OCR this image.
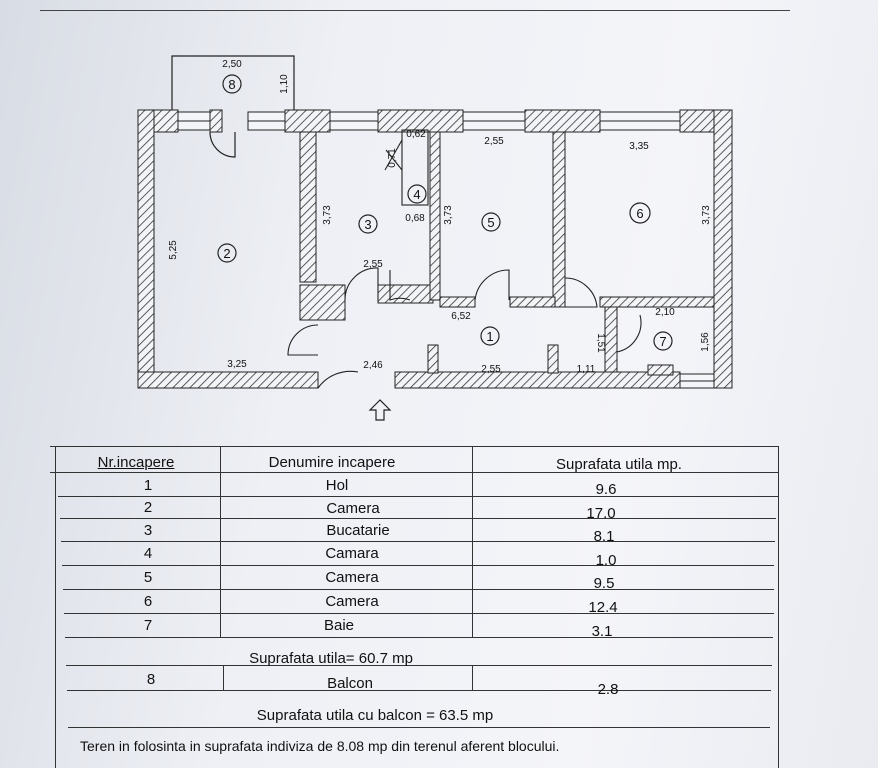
8
2
3
4
5
6
1	7
2,50
1,10
5,25
3,25
3,73
2,55
0,62
0,71
0,68
2,55
3,73
3,35
3,73
6,52
2,46	2,55	1,11
1,51
2,10
1,56
Nr.incapere	Denumire incapere	Suprafata utila mp.
1	Hol	9.6
2	Camera	17.0
3	Bucatarie	8.1
4	Camara	1.0
5	Camera	9.5
6	Camera	12.4
7	Baie	3.1
Suprafata utila= 60.7 mp
8	Balcon	2.8
Suprafata utila cu balcon = 63.5 mp
Teren in folosinta in suprafata indiviza de 8.08 mp din terenul aferent blocului.
